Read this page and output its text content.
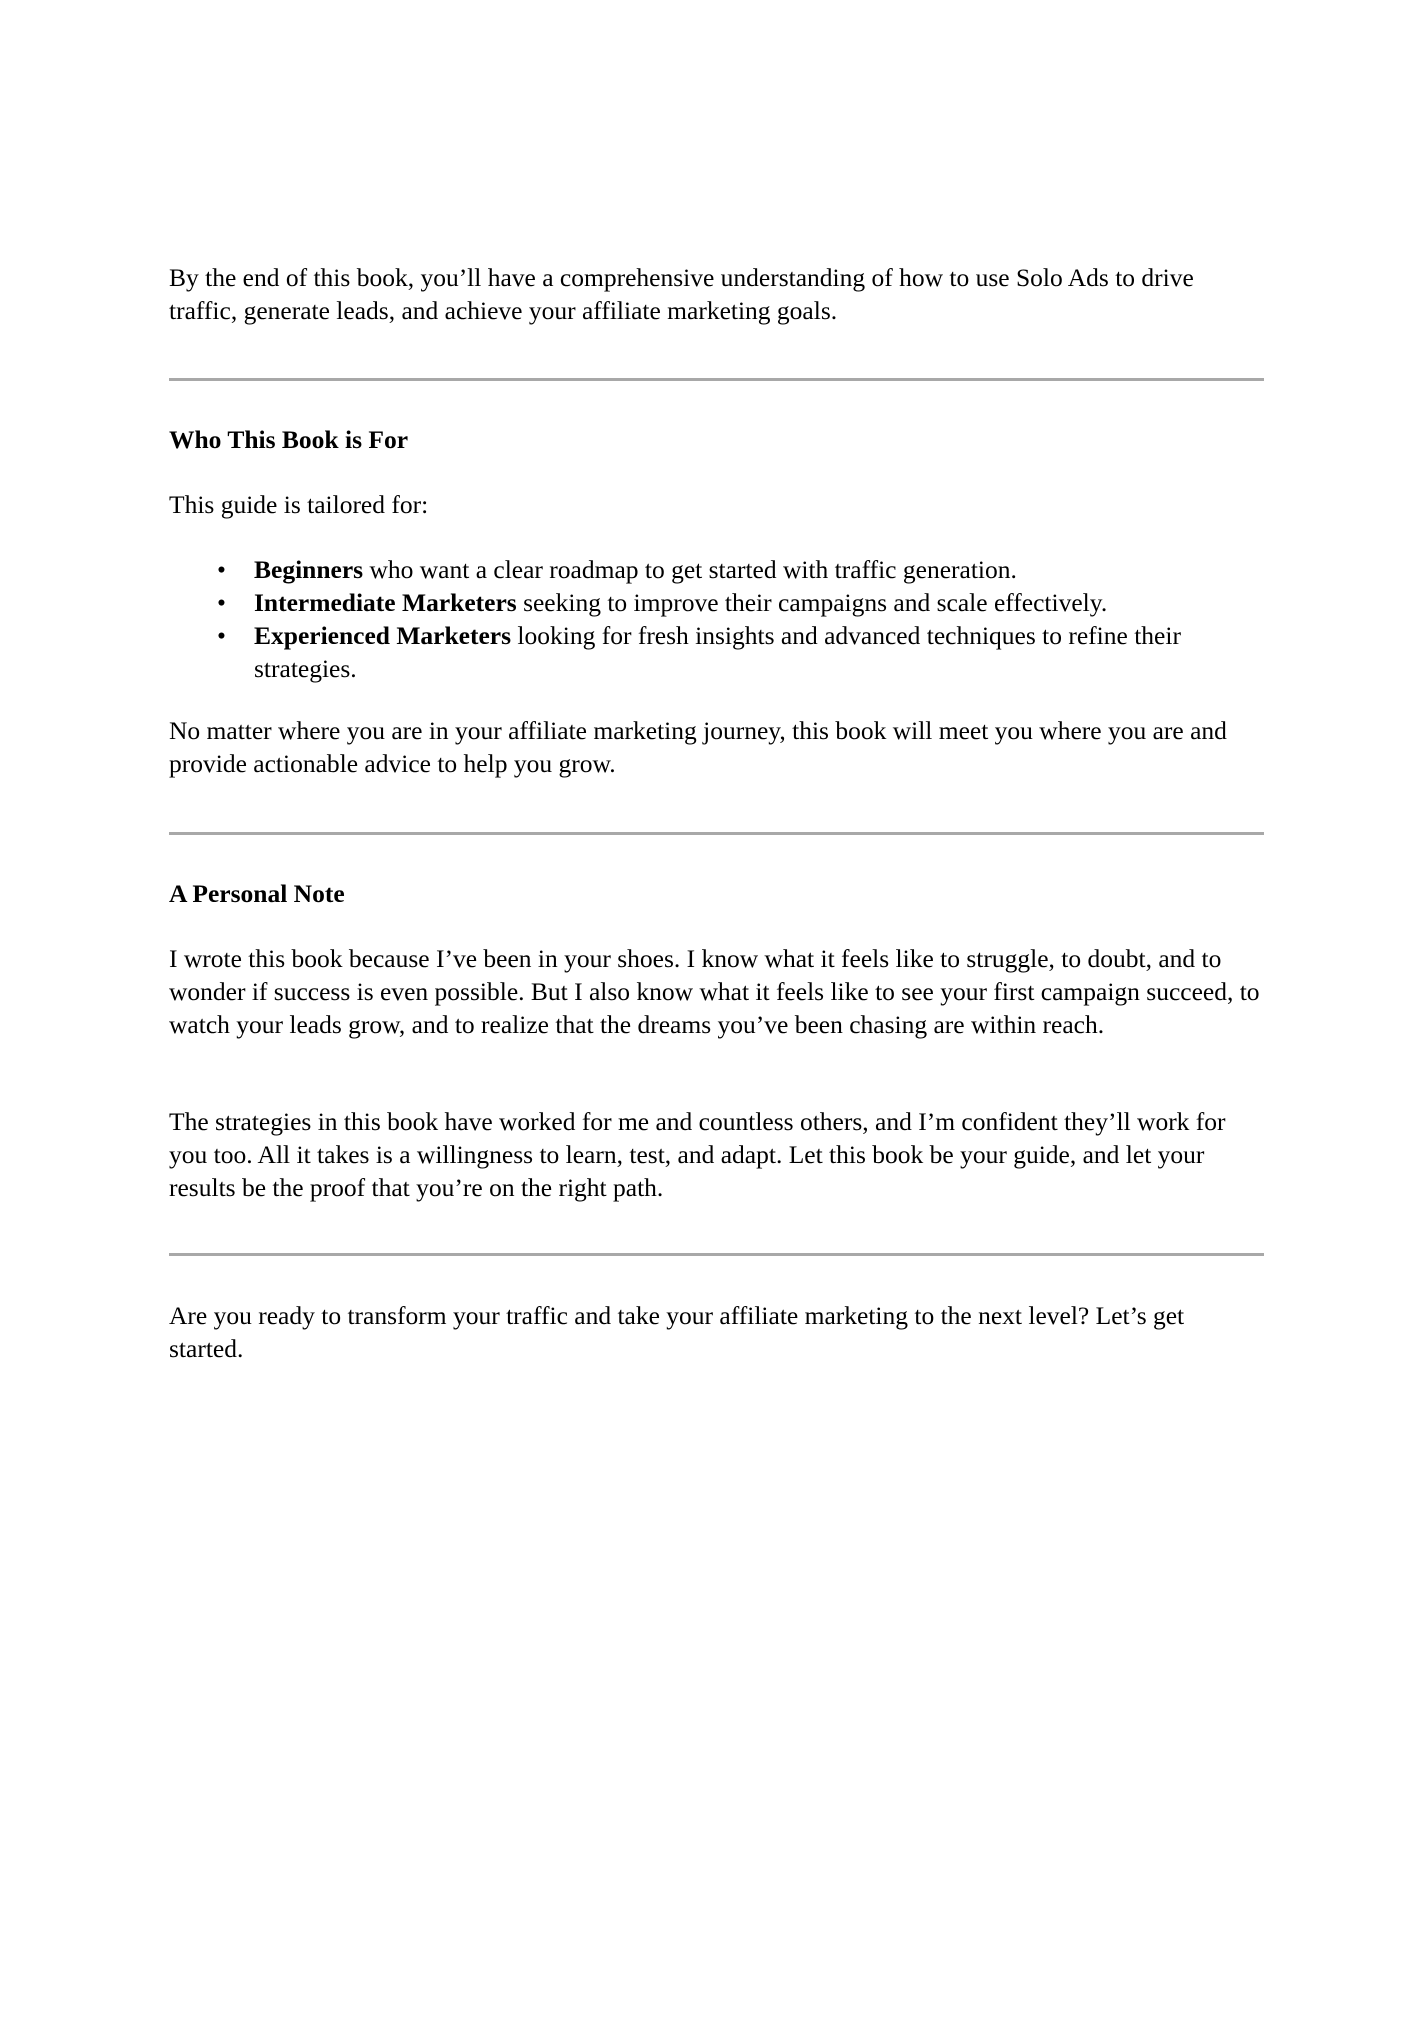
By the end of this book, you’ll have a comprehensive understanding of how to use Solo Ads to drive traffic, generate leads, and achieve your affiliate marketing goals.

Who This Book is For

This guide is tailored for:

• Beginners who want a clear roadmap to get started with traffic generation.
• Intermediate Marketers seeking to improve their campaigns and scale effectively.
• Experienced Marketers looking for fresh insights and advanced techniques to refine their strategies.

No matter where you are in your affiliate marketing journey, this book will meet you where you are and provide actionable advice to help you grow.

A Personal Note

I wrote this book because I’ve been in your shoes. I know what it feels like to struggle, to doubt, and to wonder if success is even possible. But I also know what it feels like to see your first campaign succeed, to watch your leads grow, and to realize that the dreams you’ve been chasing are within reach.

The strategies in this book have worked for me and countless others, and I’m confident they’ll work for you too. All it takes is a willingness to learn, test, and adapt. Let this book be your guide, and let your results be the proof that you’re on the right path.

Are you ready to transform your traffic and take your affiliate marketing to the next level? Let’s get started.
